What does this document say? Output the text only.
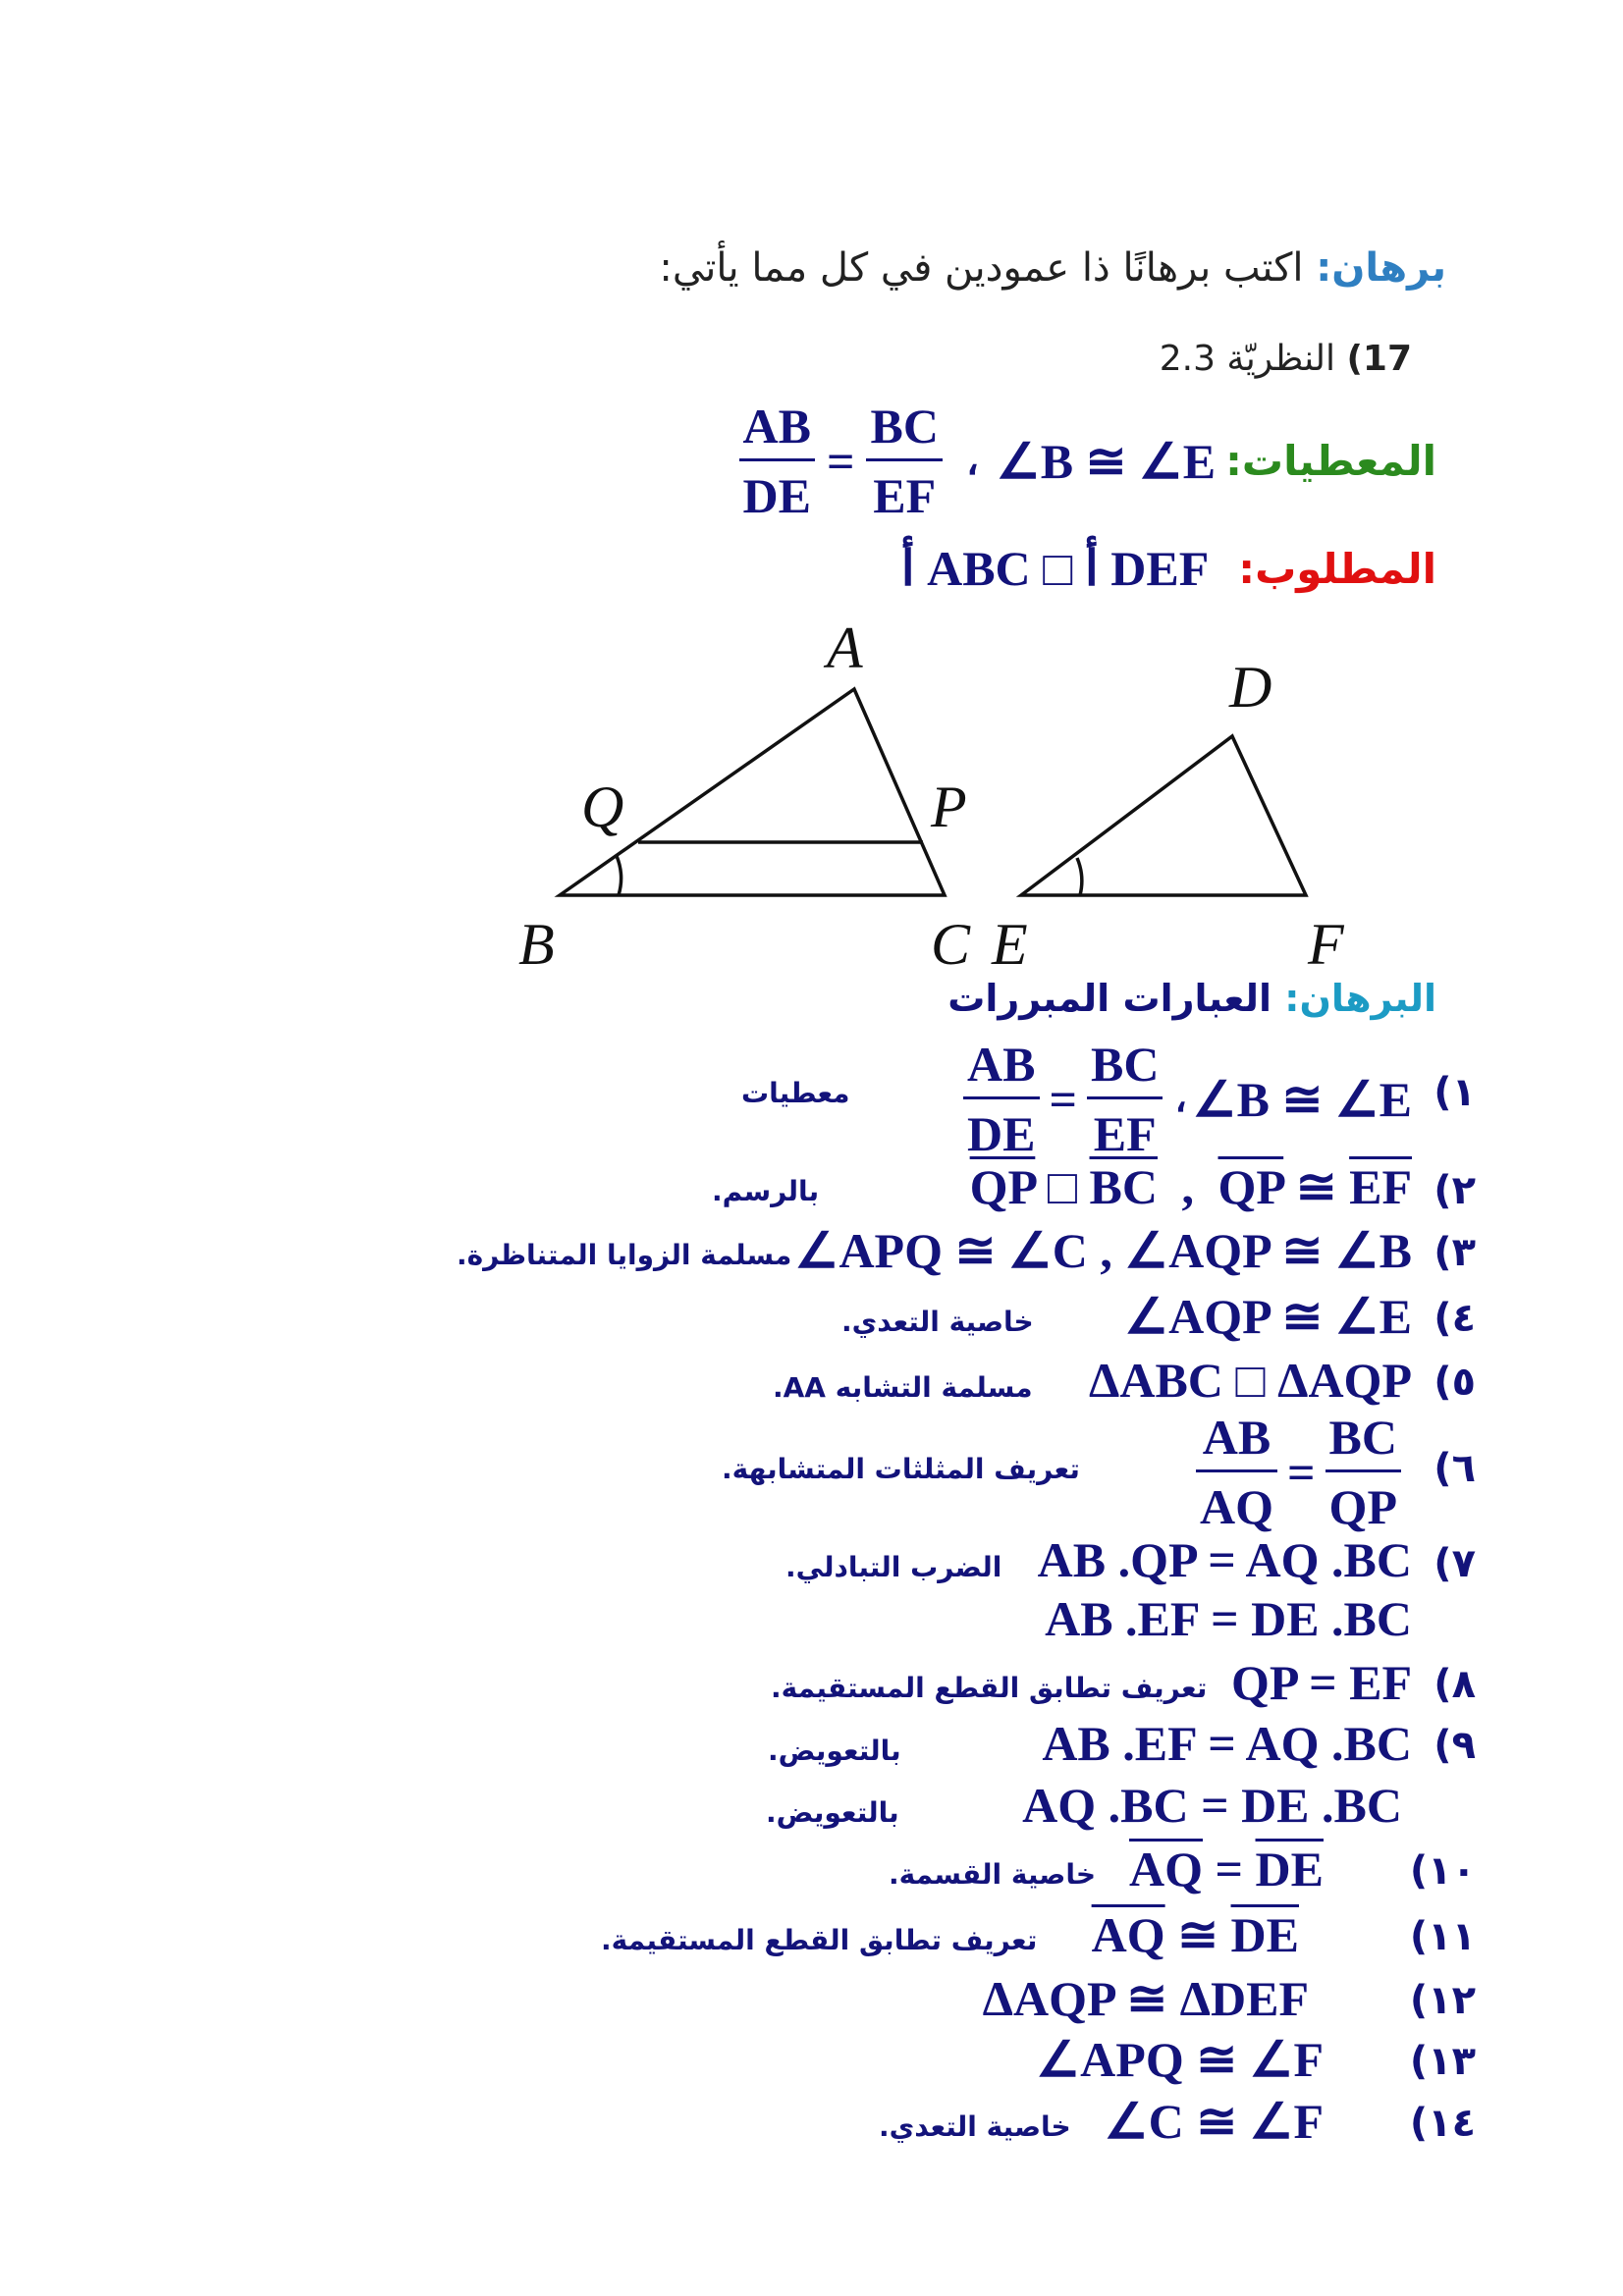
برهان: اكتب برهانًا ذا عمودين في كل مما يأتي:
17) النظريّة 2.3
$\frac{AB}{DE} = \frac{BC}{EF}$ ، ∠B ≅ ∠E المعطيات:
أ ABC □ أ DEF المطلوب:
A
Q	P
B	C E
D
F
البرهان: العبارات المبررات
١)
$\frac{AB}{DE} = \frac{BC}{EF}$ ، ∠B ≅ ∠E
معطيات
٢)
$\overline{QP}$ □ $\overline{BC}$ , $\overline{QP}$ ≅ $\overline{EF}$
بالرسم.
٣)
∠APQ ≅ ∠C , ∠AQP ≅ ∠B
مسلمة الزوايا المتناظرة.
٤)
∠AQP ≅ ∠E
خاصية التعدي.
٥)
ΔABC □ ΔAQP
مسلمة التشابه AA.
٦)
$\frac{AB}{AQ} = \frac{BC}{QP}$
تعريف المثلثات المتشابهة.
٧)
AB .QP = AQ .BC
AB .EF = DE .BC
الضرب التبادلي.
٨)
QP = EF
تعريف تطابق القطع المستقيمة.
٩)
AB .EF = AQ .BC
AQ .BC = DE .BC
بالتعويض.
بالتعويض.
١٠)
$\overline{AQ} = \overline{DE}$
خاصية القسمة.
١١)
$\overline{AQ}$ ≅ $\overline{DE}$
تعريف تطابق القطع المستقيمة.
١٢)
ΔAQP ≅ ΔDEF
١٣)
∠APQ ≅ ∠F
١٤)
∠C ≅ ∠F
خاصية التعدي.
